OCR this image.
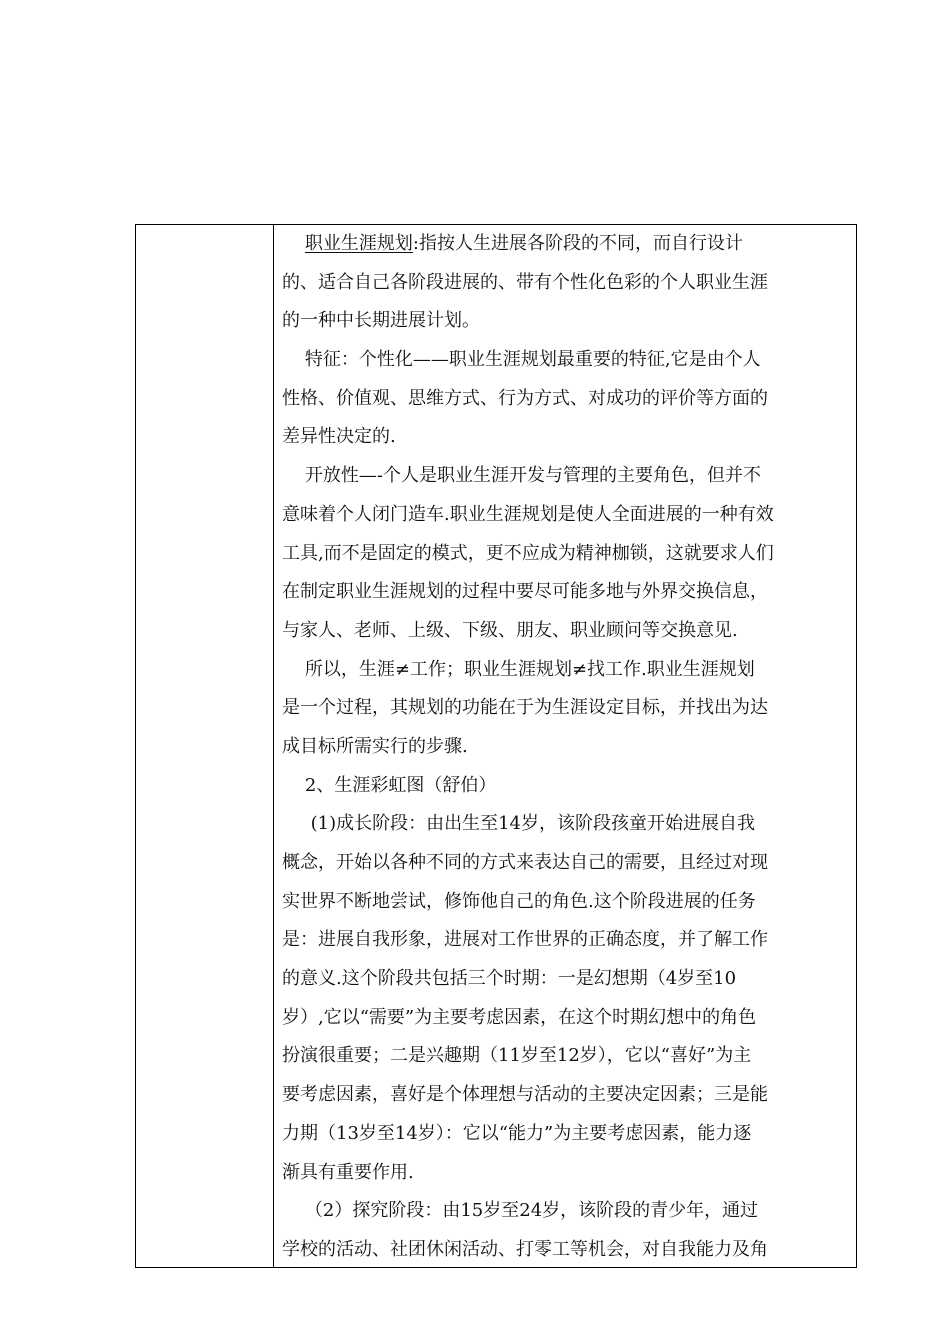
职业生涯规划:指按人生进展各阶段的不同，而自行设计
的、适合自己各阶段进展的、带有个性化色彩的个人职业生涯
的一种中长期进展计划。
特征：个性化——职业生涯规划最重要的特征,它是由个人
性格、价值观、思维方式、行为方式、对成功的评价等方面的
差异性决定的.
开放性—-个人是职业生涯开发与管理的主要角色，但并不
意味着个人闭门造车.职业生涯规划是使人全面进展的一种有效
工具,而不是固定的模式，更不应成为精神枷锁，这就要求人们
在制定职业生涯规划的过程中要尽可能多地与外界交换信息，
与家人、老师、上级、下级、朋友、职业顾问等交换意见.
所以，生涯≠工作；职业生涯规划≠找工作.职业生涯规划
是一个过程，其规划的功能在于为生涯设定目标，并找出为达
成目标所需实行的步骤.
2、生涯彩虹图（舒伯）
(1)成长阶段：由出生至14岁，该阶段孩童开始进展自我
概念，开始以各种不同的方式来表达自己的需要，且经过对现
实世界不断地尝试，修饰他自己的角色.这个阶段进展的任务
是：进展自我形象，进展对工作世界的正确态度，并了解工作
的意义.这个阶段共包括三个时期：一是幻想期（4岁至10
岁）,它以“需要”为主要考虑因素，在这个时期幻想中的角色
扮演很重要；二是兴趣期（11岁至12岁），它以“喜好”为主
要考虑因素，喜好是个体理想与活动的主要决定因素；三是能
力期（13岁至14岁）：它以“能力”为主要考虑因素，能力逐
渐具有重要作用.
（2）探究阶段：由15岁至24岁，该阶段的青少年，通过
学校的活动、社团休闲活动、打零工等机会，对自我能力及角
